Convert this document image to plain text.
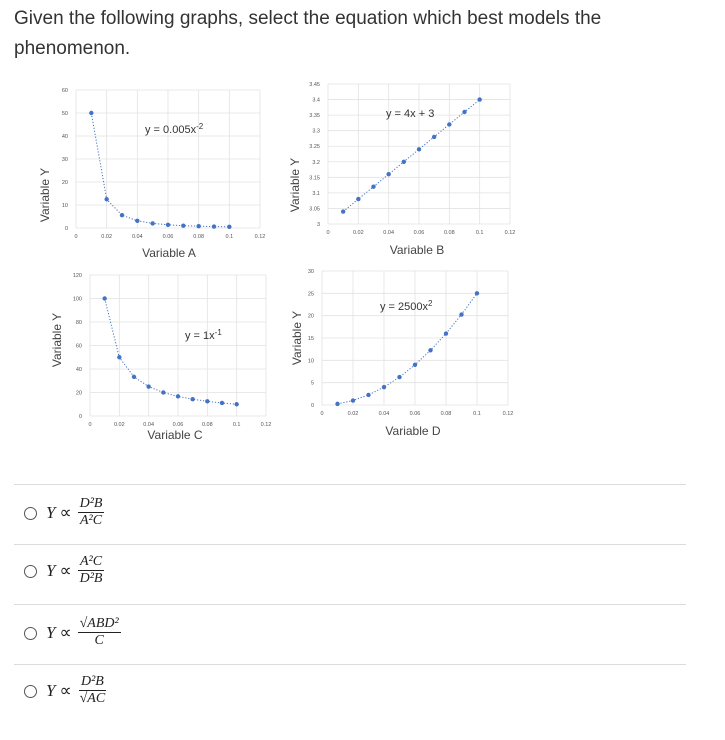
Given the following graphs, select the equation which best models the phenomenon.
Variable Y
Variable A
0	0.02	0.04	0.06	0.08	0.1	0.12
0
10
20
30
40
50
60
$y = 0.005x^{-2}$
Variable Y
Variable B
0	0.02	0.04	0.06	0.08	0.1	0.12
3
3.05
3.1
3.15
3.2
3.25
3.3
3.35
3.4
3.45
y = 4x + 3
Variable Y
Variable C
0	0.02	0.04	0.06	0.08	0.1	0.12
0
20
40
60
80
100
120
$y = 1x^{-1}$	Variable Y
Variable D
0	0.02	0.04	0.06	0.08	0.1	0.12
0
5
10
15
20
25
30
$y = 2500x^2$
$Y \propto \frac{\text{D²B}}{\text{A²C}}$
$Y \propto \frac{\text{A²C}}{\text{D²B}}$
$Y \propto \frac{\text{√ABD²}}{C}$
$Y \propto \frac{\text{D²B}}{√AC}$
